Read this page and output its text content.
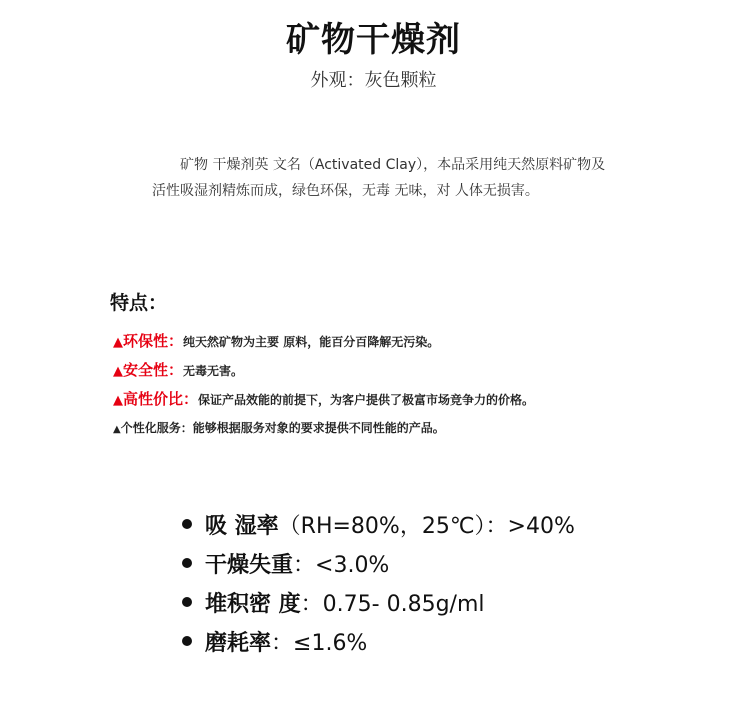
矿物干燥剂
外观：灰色颗粒

矿物 干燥剂英 文名（Activated Clay），本品采用纯天然原料矿物及
活性吸湿剂精炼而成，绿色环保，无毒 无味，对 人体无损害。

特点：
▲环保性：纯天然矿物为主要 原料，能百分百降解无污染。
▲安全性：无毒无害。
▲高性价比：保证产品效能的前提下，为客户提供了极富市场竞争力的价格。
▲个性化服务：能够根据服务对象的要求提供不同性能的产品。
吸 湿率（RH=80%，25℃）：>40%
干燥失重：<3.0%
堆积密 度：0.75- 0.85g/ml
磨耗率：≤1.6%
